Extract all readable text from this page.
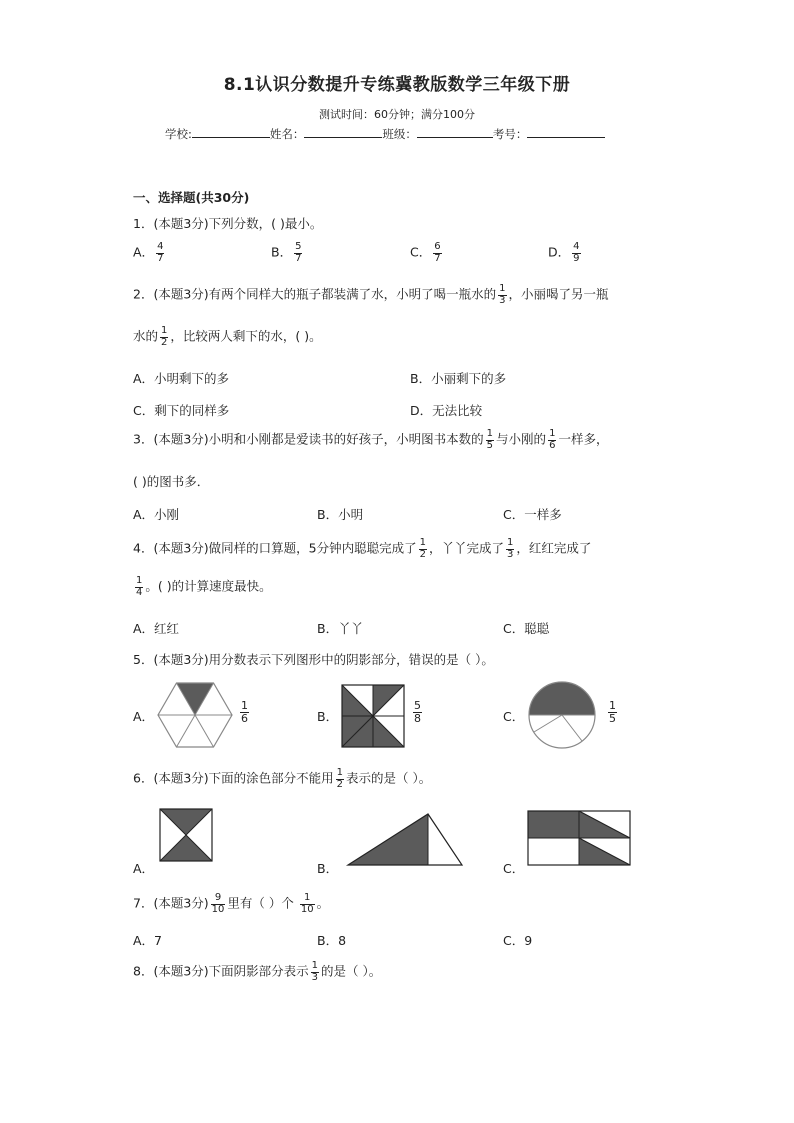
8.1认识分数提升专练冀教版数学三年级下册
测试时间：60分钟；满分100分
学校:	姓名：	班级：	考号：
一、选择题(共30分)
1．(本题3分)下列分数，( )最小。
A． $\frac{4}{7}$	B． $\frac{5}{7}$	C． $\frac{6}{7}$	D． $\frac{4}{9}$
2．(本题3分)有两个同样大的瓶子都装满了水，小明了喝一瓶水的 $\frac{1}{3}$ ，小丽喝了另一瓶
水的 $\frac{1}{2}$ ，比较两人剩下的水，( )。
A．小明剩下的多	B．小丽剩下的多
C．剩下的同样多	D．无法比较
3．(本题3分)小明和小刚都是爱读书的好孩子，小明图书本数的 $\frac{1}{5}$ 与小刚的 $\frac{1}{6}$ 一样多，
( )的图书多．
A．小刚	B．小明	C．一样多
4．(本题3分)做同样的口算题，5分钟内聪聪完成了 $\frac{1}{2}$ ，丫丫完成了 $\frac{1}{3}$ ，红红完成了
$\frac{1}{4}$ 。( )的计算速度最快。
A．红红	B．丫丫	C．聪聪
5．(本题3分)用分数表示下列图形中的阴影部分，错误的是（ ）。
A．	$\frac{1}{6}$	B．	$\frac{5}{8}$	C．	$\frac{1}{5}$
6．(本题3分)下面的涂色部分不能用 $\frac{1}{2}$ 表示的是（ ）。
A．	B．	C．
7．(本题3分) $\frac{9}{10}$ 里有（ ）个 $\frac{1}{10}$ 。
A．7	B．8	C．9
8．(本题3分)下面阴影部分表示 $\frac{1}{3}$ 的是（ ）。
